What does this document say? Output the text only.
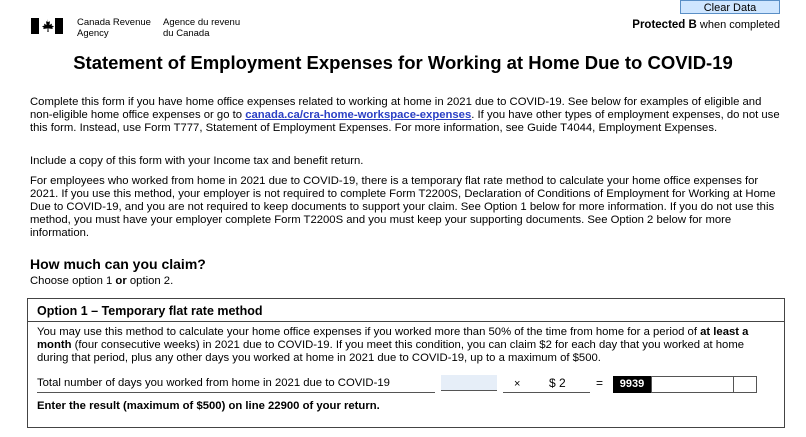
Clear Data
Canada Revenue
Agency
Agence du revenu
du Canada
Protected B when completed
Statement of Employment Expenses for Working at Home Due to COVID-19

Complete this form if you have home office expenses related to working at home in 2021 due to COVID-19. See below for examples of eligible and non-eligible home office expenses or go to canada.ca/cra-home-workspace-expenses. If you have other types of employment expenses, do not use this form. Instead, use Form T777, Statement of Employment Expenses. For more information, see Guide T4044, Employment Expenses.

Include a copy of this form with your Income tax and benefit return.

For employees who worked from home in 2021 due to COVID-19, there is a temporary flat rate method to calculate your home office expenses for 2021. If you use this method, your employer is not required to complete Form T2200S, Declaration of Conditions of Employment for Working at Home Due to COVID-19, and you are not required to keep documents to support your claim. See Option 1 below for more information. If you do not use this method, you must have your employer complete Form T2200S and you must keep your supporting documents. See Option 2 below for more information.

How much can you claim?
Choose option 1 or option 2.
Option 1 – Temporary flat rate method

You may use this method to calculate your home office expenses if you worked more than 50% of the time from home for a period of at least a month (four consecutive weeks) in 2021 due to COVID-19. If you meet this condition, you can claim $2 for each day that you worked at home during that period, plus any other days you worked at home in 2021 due to COVID-19, up to a maximum of $500.

Total number of days you worked from home in 2021 due to COVID-19	× $ 2	=	9939
Enter the result (maximum of $500) on line 22900 of your return.
